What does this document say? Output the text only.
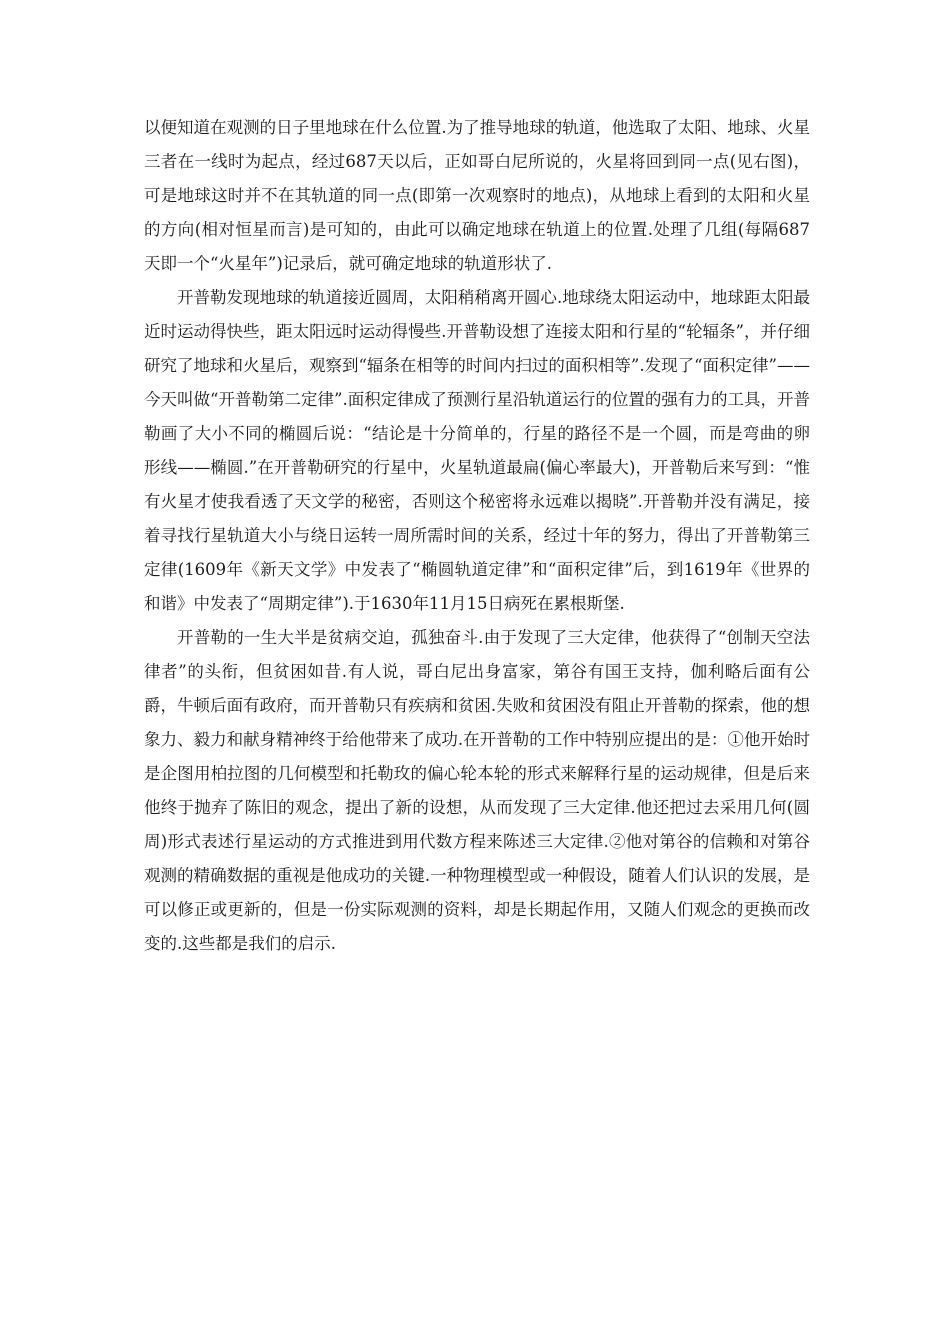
以便知道在观测的日子里地球在什么位置.为了推导地球的轨道，他选取了太阳、地球、火星三者在一线时为起点，经过687天以后，正如哥白尼所说的，火星将回到同一点(见右图)，可是地球这时并不在其轨道的同一点(即第一次观察时的地点)，从地球上看到的太阳和火星的方向(相对恒星而言)是可知的，由此可以确定地球在轨道上的位置.处理了几组(每隔687天即一个“火星年”)记录后，就可确定地球的轨道形状了.

开普勒发现地球的轨道接近圆周，太阳稍稍离开圆心.地球绕太阳运动中，地球距太阳最近时运动得快些，距太阳远时运动得慢些.开普勒设想了连接太阳和行星的“轮辐条”，并仔细研究了地球和火星后，观察到“辐条在相等的时间内扫过的面积相等”.发现了“面积定律”——今天叫做“开普勒第二定律”.面积定律成了预测行星沿轨道运行的位置的强有力的工具，开普勒画了大小不同的椭圆后说：“结论是十分简单的，行星的路径不是一个圆，而是弯曲的卵形线——椭圆.”在开普勒研究的行星中，火星轨道最扁(偏心率最大)，开普勒后来写到：“惟有火星才使我看透了天文学的秘密，否则这个秘密将永远难以揭晓”.开普勒并没有满足，接着寻找行星轨道大小与绕日运转一周所需时间的关系，经过十年的努力，得出了开普勒第三定律(1609年《新天文学》中发表了“椭圆轨道定律”和“面积定律”后，到1619年《世界的和谐》中发表了“周期定律”).于1630年11月15日病死在累根斯堡.

开普勒的一生大半是贫病交迫，孤独奋斗.由于发现了三大定律，他获得了“创制天空法律者”的头衔，但贫困如昔.有人说，哥白尼出身富家，第谷有国王支持，伽利略后面有公爵，牛顿后面有政府，而开普勒只有疾病和贫困.失败和贫困没有阻止开普勒的探索，他的想象力、毅力和献身精神终于给他带来了成功.在开普勒的工作中特别应提出的是：①他开始时是企图用柏拉图的几何模型和托勒玫的偏心轮本轮的形式来解释行星的运动规律，但是后来他终于抛弃了陈旧的观念，提出了新的设想，从而发现了三大定律.他还把过去采用几何(圆周)形式表述行星运动的方式推进到用代数方程来陈述三大定律.②他对第谷的信赖和对第谷观测的精确数据的重视是他成功的关键.一种物理模型或一种假设，随着人们认识的发展，是可以修正或更新的，但是一份实际观测的资料，却是长期起作用，又随人们观念的更换而改变的.这些都是我们的启示.
